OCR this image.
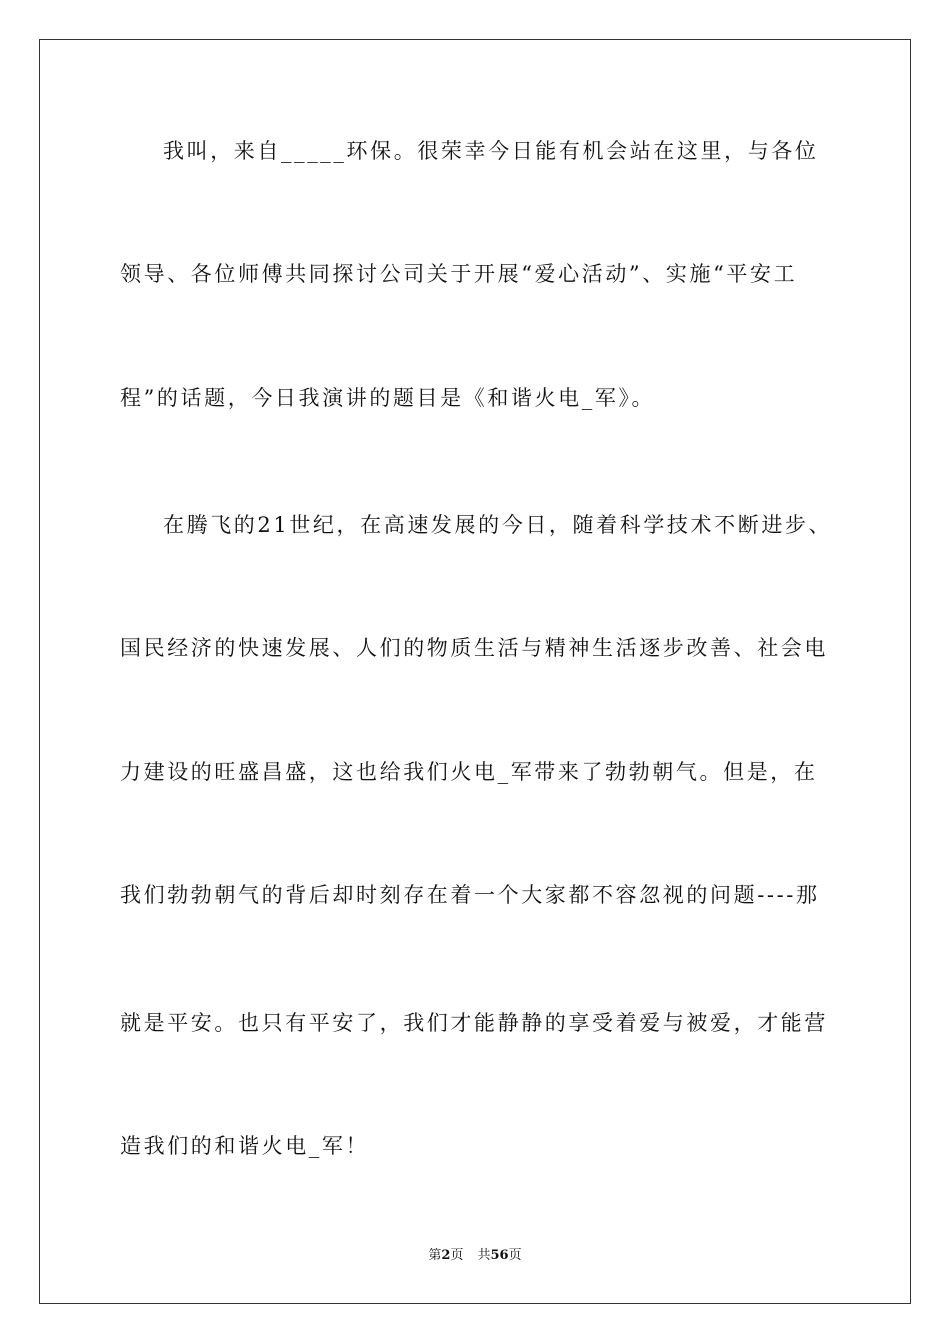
我叫，来自_____环保。很荣幸今日能有机会站在这里，与各位
领导、各位师傅共同探讨公司关于开展“爱心活动”、实施“平安工
程”的话题，今日我演讲的题目是《和谐火电_军》。
在腾飞的21世纪，在高速发展的今日，随着科学技术不断进步、
国民经济的快速发展、人们的物质生活与精神生活逐步改善、社会电
力建设的旺盛昌盛，这也给我们火电_军带来了勃勃朝气。但是，在
我们勃勃朝气的背后却时刻存在着一个大家都不容忽视的问题----那
就是平安。也只有平安了，我们才能静静的享受着爱与被爱，才能营
造我们的和谐火电_军！
第2页 共56页
